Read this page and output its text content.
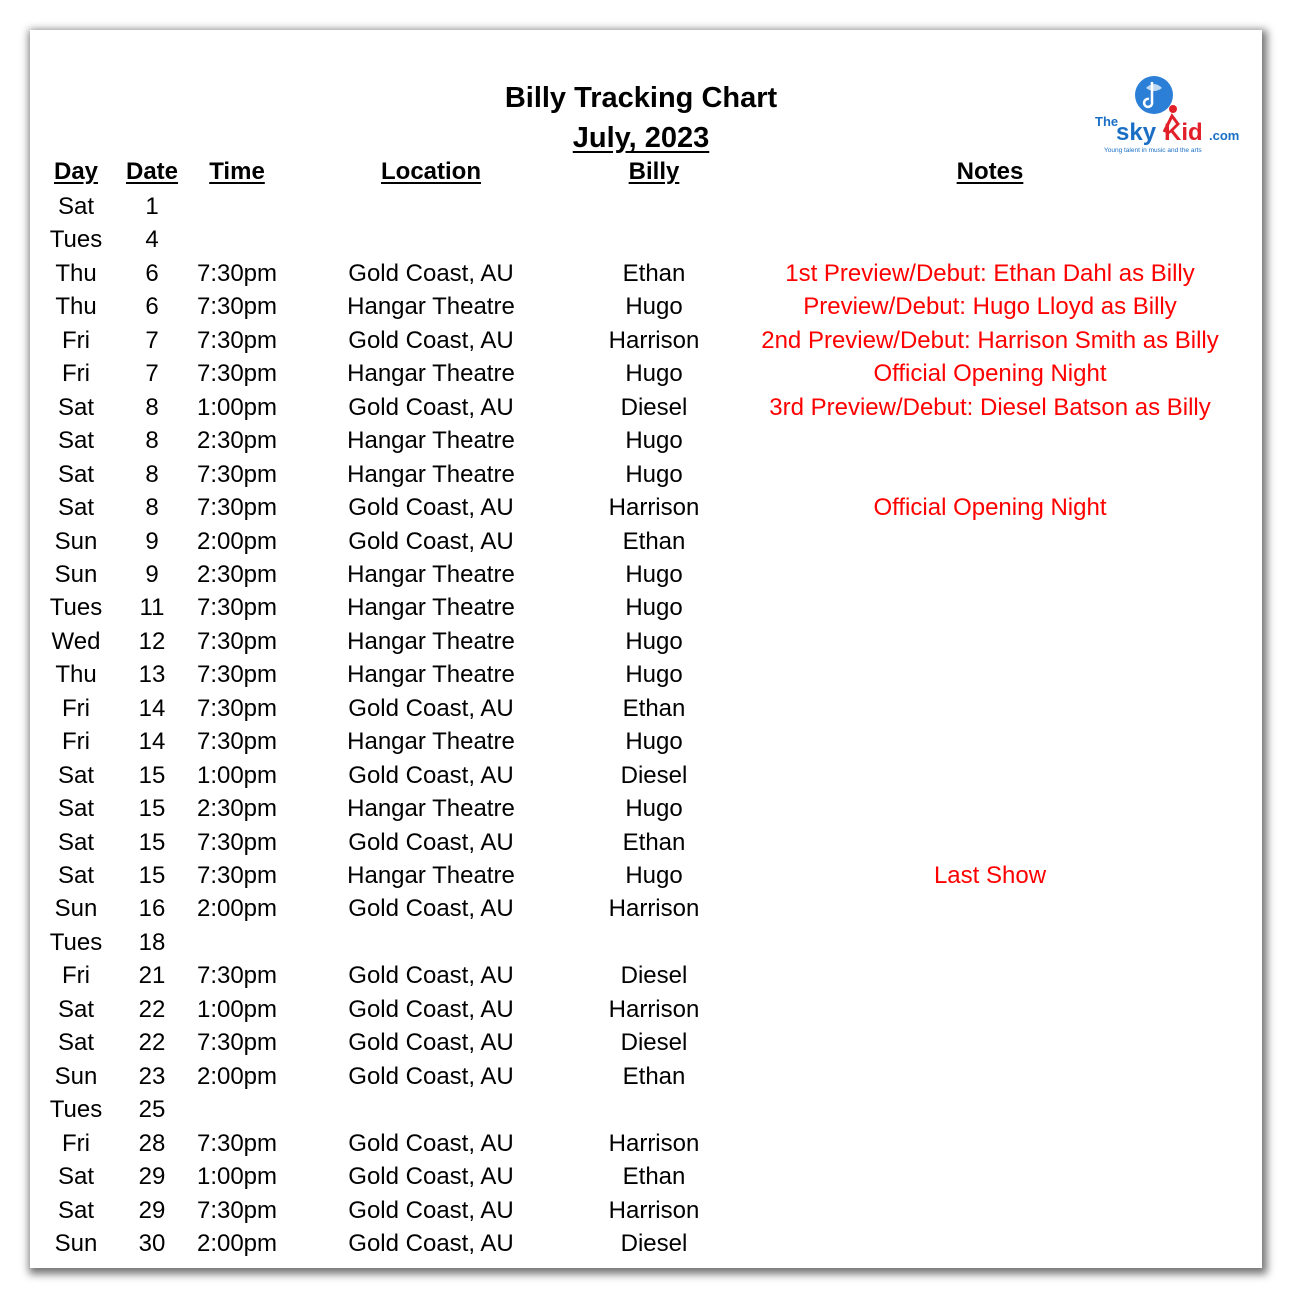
Billy Tracking Chart
July, 2023
The
sky Kid .com
Young talent in music and the arts
Day	Date	Time	Location	Billy	Notes
Sat	1
Tues	4
Thu	6	7:30pm	Gold Coast, AU	Ethan	1st Preview/Debut: Ethan Dahl as Billy
Thu	6	7:30pm	Hangar Theatre	Hugo	Preview/Debut: Hugo Lloyd as Billy
Fri	7	7:30pm	Gold Coast, AU	Harrison	2nd Preview/Debut: Harrison Smith as Billy
Fri	7	7:30pm	Hangar Theatre	Hugo	Official Opening Night
Sat	8	1:00pm	Gold Coast, AU	Diesel	3rd Preview/Debut: Diesel Batson as Billy
Sat	8	2:30pm	Hangar Theatre	Hugo
Sat	8	7:30pm	Hangar Theatre	Hugo
Sat	8	7:30pm	Gold Coast, AU	Harrison	Official Opening Night
Sun	9	2:00pm	Gold Coast, AU	Ethan
Sun	9	2:30pm	Hangar Theatre	Hugo
Tues	11	7:30pm	Hangar Theatre	Hugo
Wed	12	7:30pm	Hangar Theatre	Hugo
Thu	13	7:30pm	Hangar Theatre	Hugo
Fri	14	7:30pm	Gold Coast, AU	Ethan
Fri	14	7:30pm	Hangar Theatre	Hugo
Sat	15	1:00pm	Gold Coast, AU	Diesel
Sat	15	2:30pm	Hangar Theatre	Hugo
Sat	15	7:30pm	Gold Coast, AU	Ethan
Sat	15	7:30pm	Hangar Theatre	Hugo	Last Show
Sun	16	2:00pm	Gold Coast, AU	Harrison
Tues	18
Fri	21	7:30pm	Gold Coast, AU	Diesel
Sat	22	1:00pm	Gold Coast, AU	Harrison
Sat	22	7:30pm	Gold Coast, AU	Diesel
Sun	23	2:00pm	Gold Coast, AU	Ethan
Tues	25
Fri	28	7:30pm	Gold Coast, AU	Harrison
Sat	29	1:00pm	Gold Coast, AU	Ethan
Sat	29	7:30pm	Gold Coast, AU	Harrison
Sun	30	2:00pm	Gold Coast, AU	Diesel
